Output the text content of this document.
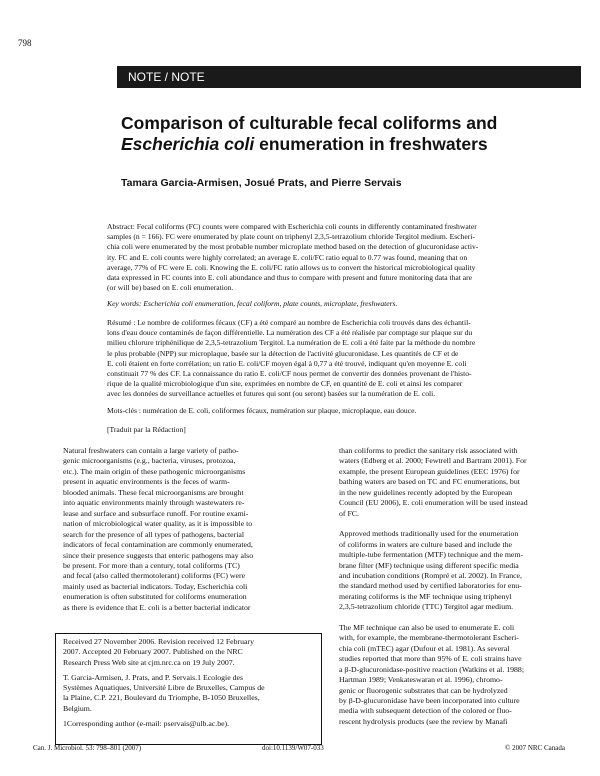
798
NOTE / NOTE
Comparison of culturable fecal coliforms and
Escherichia coli enumeration in freshwaters
Tamara Garcia-Armisen, Josué Prats, and Pierre Servais
Abstract: Fecal coliforms (FC) counts were compared with Escherichia coli counts in differently contaminated freshwater
samples (n = 166). FC were enumerated by plate count on triphenyl 2,3,5-tetrazolium chloride Tergitol medium. Escheri-
chia coli were enumerated by the most probable number microplate method based on the detection of glucuronidase activ-
ity. FC and E. coli counts were highly correlated; an average E. coli/FC ratio equal to 0.77 was found, meaning that on
average, 77% of FC were E. coli. Knowing the E. coli/FC ratio allows us to convert the historical microbiological quality
data expressed in FC counts into E. coli abundance and thus to compare with present and future monitoring data that are
(or will be) based on E. coli enumeration.
Key words: Escherichia coli enumeration, fecal coliform, plate counts, microplate, freshwaters.
Résumé : Le nombre de coliformes fécaux (CF) a été comparé au nombre de Escherichia coli trouvés dans des échantil-
lons d'eau douce contaminés de façon différentielle. La numération des CF a été réalisée par comptage sur plaque sur du
milieu chlorure triphénilique de 2,3,5-tetrazolium Tergitol. La numération de E. coli a été faite par la méthode du nombre
le plus probable (NPP) sur microplaque, basée sur la détection de l'activité glucuronidase. Les quantités de CF et de
E. coli étaient en forte corrélation; un ratio E. coli/CF moyen égal à 0,77 a été trouvé, indiquant qu'en moyenne E. coli
constituait 77 % des CF. La connaissance du ratio E. coli/CF nous permet de convertir des données provenant de l'histo-
rique de la qualité microbiologique d'un site, exprimées en nombre de CF, en quantité de E. coli et ainsi les comparer
avec les données de surveillance actuelles et futures qui sont (ou seront) basées sur la numération de E. coli.
Mots-clés : numération de E. coli, coliformes fécaux, numération sur plaque, microplaque, eau douce.
[Traduit par la Rédaction]
Natural freshwaters can contain a large variety of patho-
genic microorganisms (e.g., bacteria, viruses, protozoa,
etc.). The main origin of these pathogenic microorganisms
present in aquatic environments is the feces of warm-
blooded animals. These fecal microorganisms are brought
into aquatic environments mainly through wastewaters re-
lease and surface and subsurface runoff. For routine exami-
nation of microbiological water quality, as it is impossible to
search for the presence of all types of pathogens, bacterial
indicators of fecal contamination are commonly enumerated,
since their presence suggests that enteric pathogens may also
be present. For more than a century, total coliforms (TC)
and fecal (also called thermotolerant) coliforms (FC) were
mainly used as bacterial indicators. Today, Escherichia coli
enumeration is often substituted for coliforms enumeration
as there is evidence that E. coli is a better bacterial indicator
than coliforms to predict the sanitary risk associated with
waters (Edberg et al. 2000; Fewtrell and Bartram 2001). For
example, the present European guidelines (EEC 1976) for
bathing waters are based on TC and FC enumerations, but
in the new guidelines recently adopted by the European
Council (EU 2006), E. coli enumeration will be used instead
of FC.
Approved methods traditionally used for the enumeration
of coliforms in waters are culture based and include the
multiple-tube fermentation (MTF) technique and the mem-
brane filter (MF) technique using different specific media
and incubation conditions (Rompré et al. 2002). In France,
the standard method used by certified laboratories for enu-
merating coliforms is the MF technique using triphenyl
2,3,5-tetrazolium chloride (TTC) Tergitol agar medium.
The MF technique can also be used to enumerate E. coli
with, for example, the membrane-thermotolerant Escheri-
chia coli (mTEC) agar (Dufour et al. 1981). As several
studies reported that more than 95% of E. coli strains have
a β-D-glucuronidase-positive reaction (Watkins et al. 1988;
Hartman 1989; Venkateswaran et al. 1996), chromo-
genic or fluorogenic substrates that can be hydrolyzed
by β-D-glucuronidase have been incorporated into culture
media with subsequent detection of the colored or fluo-
rescent hydrolysis products (see the review by Manafi
Received 27 November 2006. Revision received 12 February
2007. Accepted 20 February 2007. Published on the NRC
Research Press Web site at cjm.nrc.ca on 19 July 2007.
T. Garcia-Armisen, J. Prats, and P. Servais.1 Ecologie des
Systèmes Aquatiques, Université Libre de Bruxelles, Campus de
la Plaine, C.P. 221, Boulevard du Triomphe, B-1050 Bruxelles,
Belgium.
1Corresponding author (e-mail: pservais@ulb.ac.be).
Can. J. Microbiol. 53: 798–801 (2007)	doi:10.1139/W07-033	© 2007 NRC Canada
